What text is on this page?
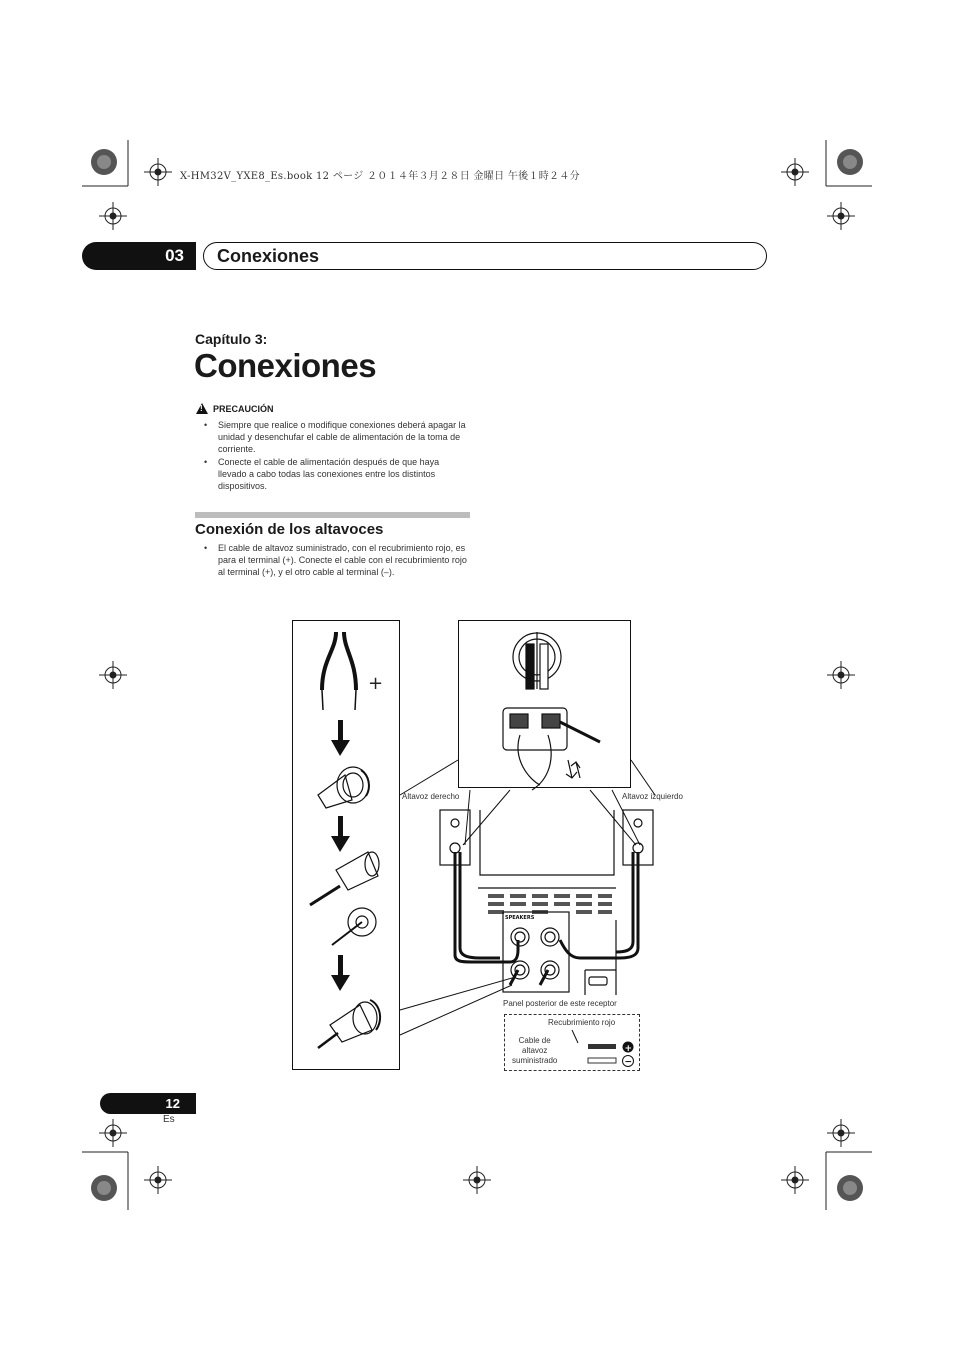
X-HM32V_YXE8_Es.book 12 ページ ２０１４年３月２８日 金曜日 午後１時２４分
03	Conexiones
Capítulo 3:
Conexiones
!
PRECAUCIÓN
• Siempre que realice o modifique conexiones deberá apagar la unidad y desenchufar el cable de alimentación de la toma de corriente.
• Conecte el cable de alimentación después de que haya llevado a cabo todas las conexiones entre los distintos dispositivos.
Conexión de los altavoces
• El cable de altavoz suministrado, con el recubrimiento rojo, es para el terminal (+). Conecte el cable con el recubrimiento rojo al terminal (+), y el otro cable al terminal (–).
+
SPEAKERS
+
−
Altavoz derecho	Altavoz izquierdo
Panel posterior de este receptor
Recubrimiento rojo
Cable de
altavoz
suministrado
12
Es
